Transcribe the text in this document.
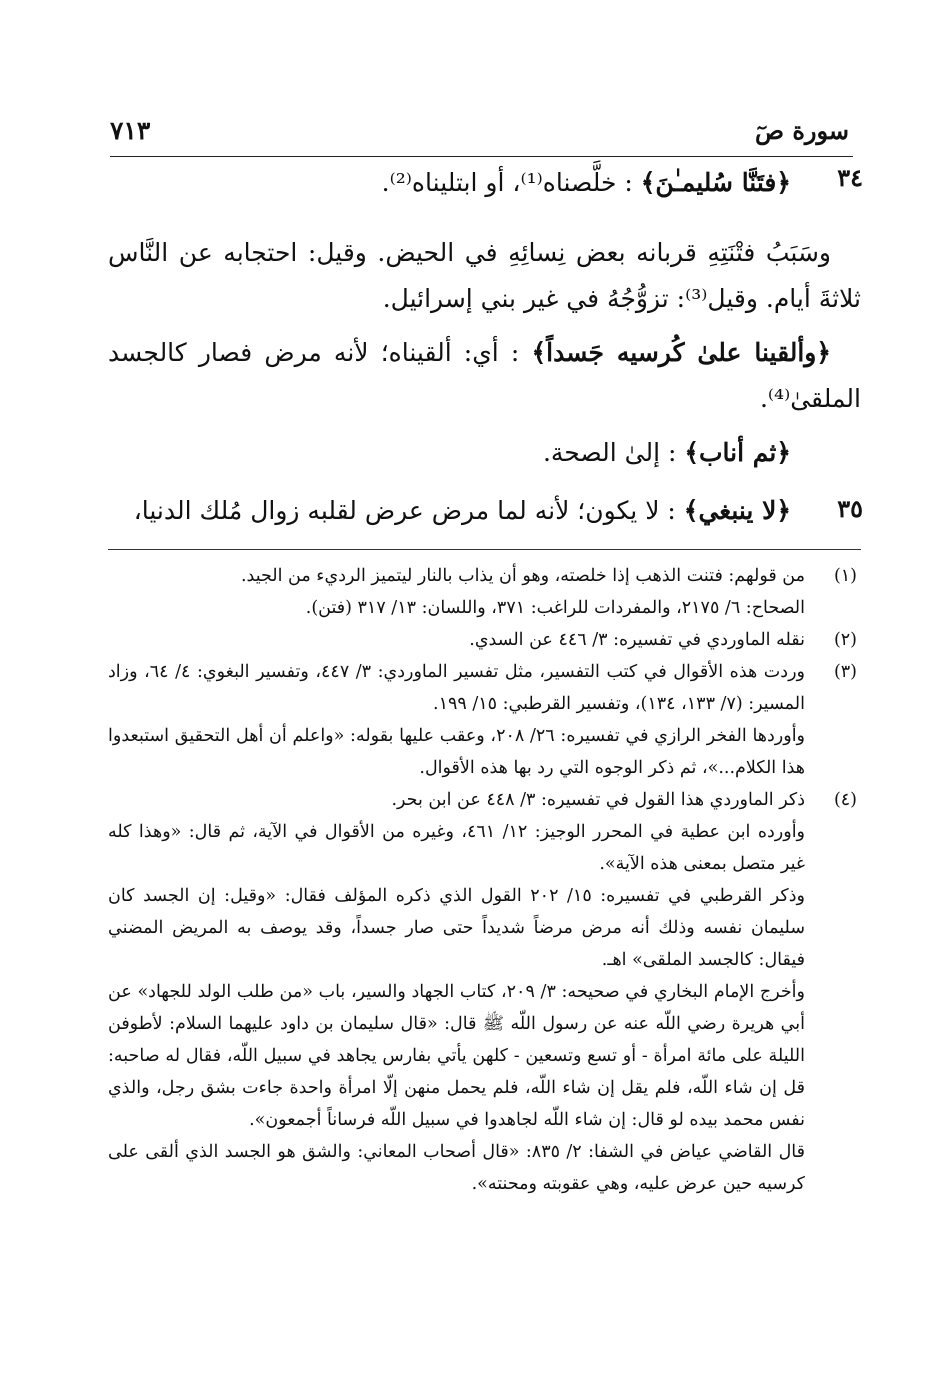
سورة صٓ
٧١٣
٣٤
﴿فتَنَّا سُليمـٰنَ﴾ : خلَّصناه⁽¹⁾، أو ابتليناه⁽²⁾.
وسَبَبُ فتْنَتِهِ قربانه بعض نِسائِهِ في الحيض. وقيل: احتجابه عن النَّاس ثلاثةَ أيام. وقيل⁽³⁾: تزوُّجُهُ في غير بني إسرائيل.
﴿وألقينا علىٰ كُرسيه جَسداً﴾ : أي: ألقيناه؛ لأنه مرض فصار كالجسد الملقىٰ⁽⁴⁾.
﴿ثم أناب﴾ : إلىٰ الصحة.
٣٥
﴿لا ينبغي﴾ : لا يكون؛ لأنه لما مرض عرض لقلبه زوال مُلك الدنيا،
(١)
من قولهم: فتنت الذهب إذا خلصته، وهو أن يذاب بالنار ليتميز الرديء من الجيد.
الصحاح: ٦/ ٢١٧٥، والمفردات للراغب: ٣٧١، واللسان: ١٣/ ٣١٧ (فتن).
(٢)
نقله الماوردي في تفسيره: ٣/ ٤٤٦ عن السدي.
(٣)
وردت هذه الأقوال في كتب التفسير، مثل تفسير الماوردي: ٣/ ٤٤٧، وتفسير البغوي: ٤/ ٦٤، وزاد المسير: (٧/ ١٣٣، ١٣٤)، وتفسير القرطبي: ١٥/ ١٩٩.
وأوردها الفخر الرازي في تفسيره: ٢٦/ ٢٠٨، وعقب عليها بقوله: «واعلم أن أهل التحقيق استبعدوا هذا الكلام...»، ثم ذكر الوجوه التي رد بها هذه الأقوال.
(٤)
ذكر الماوردي هذا القول في تفسيره: ٣/ ٤٤٨ عن ابن بحر.
وأورده ابن عطية في المحرر الوجيز: ١٢/ ٤٦١، وغيره من الأقوال في الآية، ثم قال: «وهذا كله غير متصل بمعنى هذه الآية».
وذكر القرطبي في تفسيره: ١٥/ ٢٠٢ القول الذي ذكره المؤلف فقال: «وقيل: إن الجسد كان سليمان نفسه وذلك أنه مرض مرضاً شديداً حتى صار جسداً، وقد يوصف به المريض المضني فيقال: كالجسد الملقى» اهـ.
وأخرج الإمام البخاري في صحيحه: ٣/ ٢٠٩، كتاب الجهاد والسير، باب «من طلب الولد للجهاد» عن أبي هريرة رضي اللّه عنه عن رسول اللّه ﷺ قال: «قال سليمان بن داود عليهما السلام: لأطوفن الليلة على مائة امرأة - أو تسع وتسعين - كلهن يأتي بفارس يجاهد في سبيل اللّه، فقال له صاحبه: قل إن شاء اللّه، فلم يقل إن شاء اللّه، فلم يحمل منهن إلّا امرأة واحدة جاءت بشق رجل، والذي نفس محمد بيده لو قال: إن شاء اللّه لجاهدوا في سبيل اللّه فرساناً أجمعون».
قال القاضي عياض في الشفا: ٢/ ٨٣٥: «قال أصحاب المعاني: والشق هو الجسد الذي ألقى على كرسيه حين عرض عليه، وهي عقوبته ومحنته».
